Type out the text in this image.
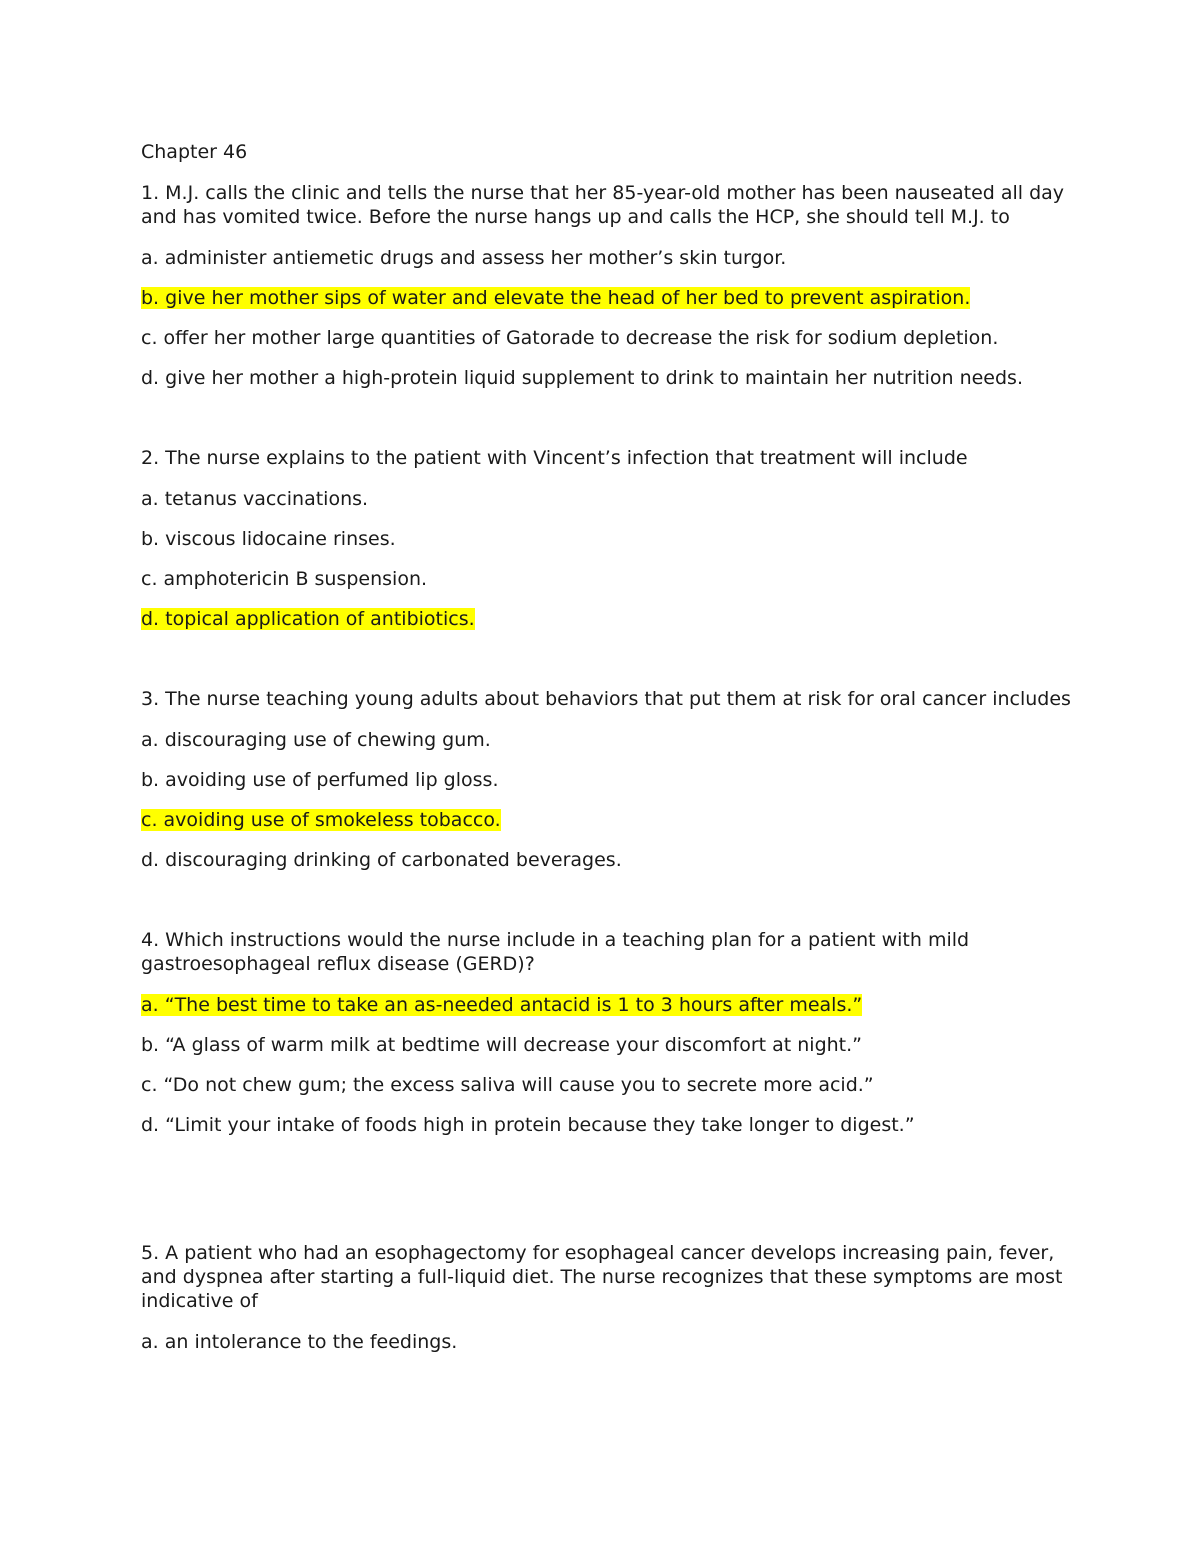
Chapter 46
1. M.J. calls the clinic and tells the nurse that her 85-year-old mother has been nauseated all day and has vomited twice. Before the nurse hangs up and calls the HCP, she should tell M.J. to
a. administer antiemetic drugs and assess her mother’s skin turgor.
b. give her mother sips of water and elevate the head of her bed to prevent aspiration.
c. offer her mother large quantities of Gatorade to decrease the risk for sodium depletion.
d. give her mother a high-protein liquid supplement to drink to maintain her nutrition needs.
2. The nurse explains to the patient with Vincent’s infection that treatment will include
a. tetanus vaccinations.
b. viscous lidocaine rinses.
c. amphotericin B suspension.
d. topical application of antibiotics.
3. The nurse teaching young adults about behaviors that put them at risk for oral cancer includes
a. discouraging use of chewing gum.
b. avoiding use of perfumed lip gloss.
c. avoiding use of smokeless tobacco.
d. discouraging drinking of carbonated beverages.
4. Which instructions would the nurse include in a teaching plan for a patient with mild gastroesophageal reflux disease (GERD)?
a. “The best time to take an as-needed antacid is 1 to 3 hours after meals.”
b. “A glass of warm milk at bedtime will decrease your discomfort at night.”
c. “Do not chew gum; the excess saliva will cause you to secrete more acid.”
d. “Limit your intake of foods high in protein because they take longer to digest.”
5. A patient who had an esophagectomy for esophageal cancer develops increasing pain, fever, and dyspnea after starting a full-liquid diet. The nurse recognizes that these symptoms are most indicative of
a. an intolerance to the feedings.
